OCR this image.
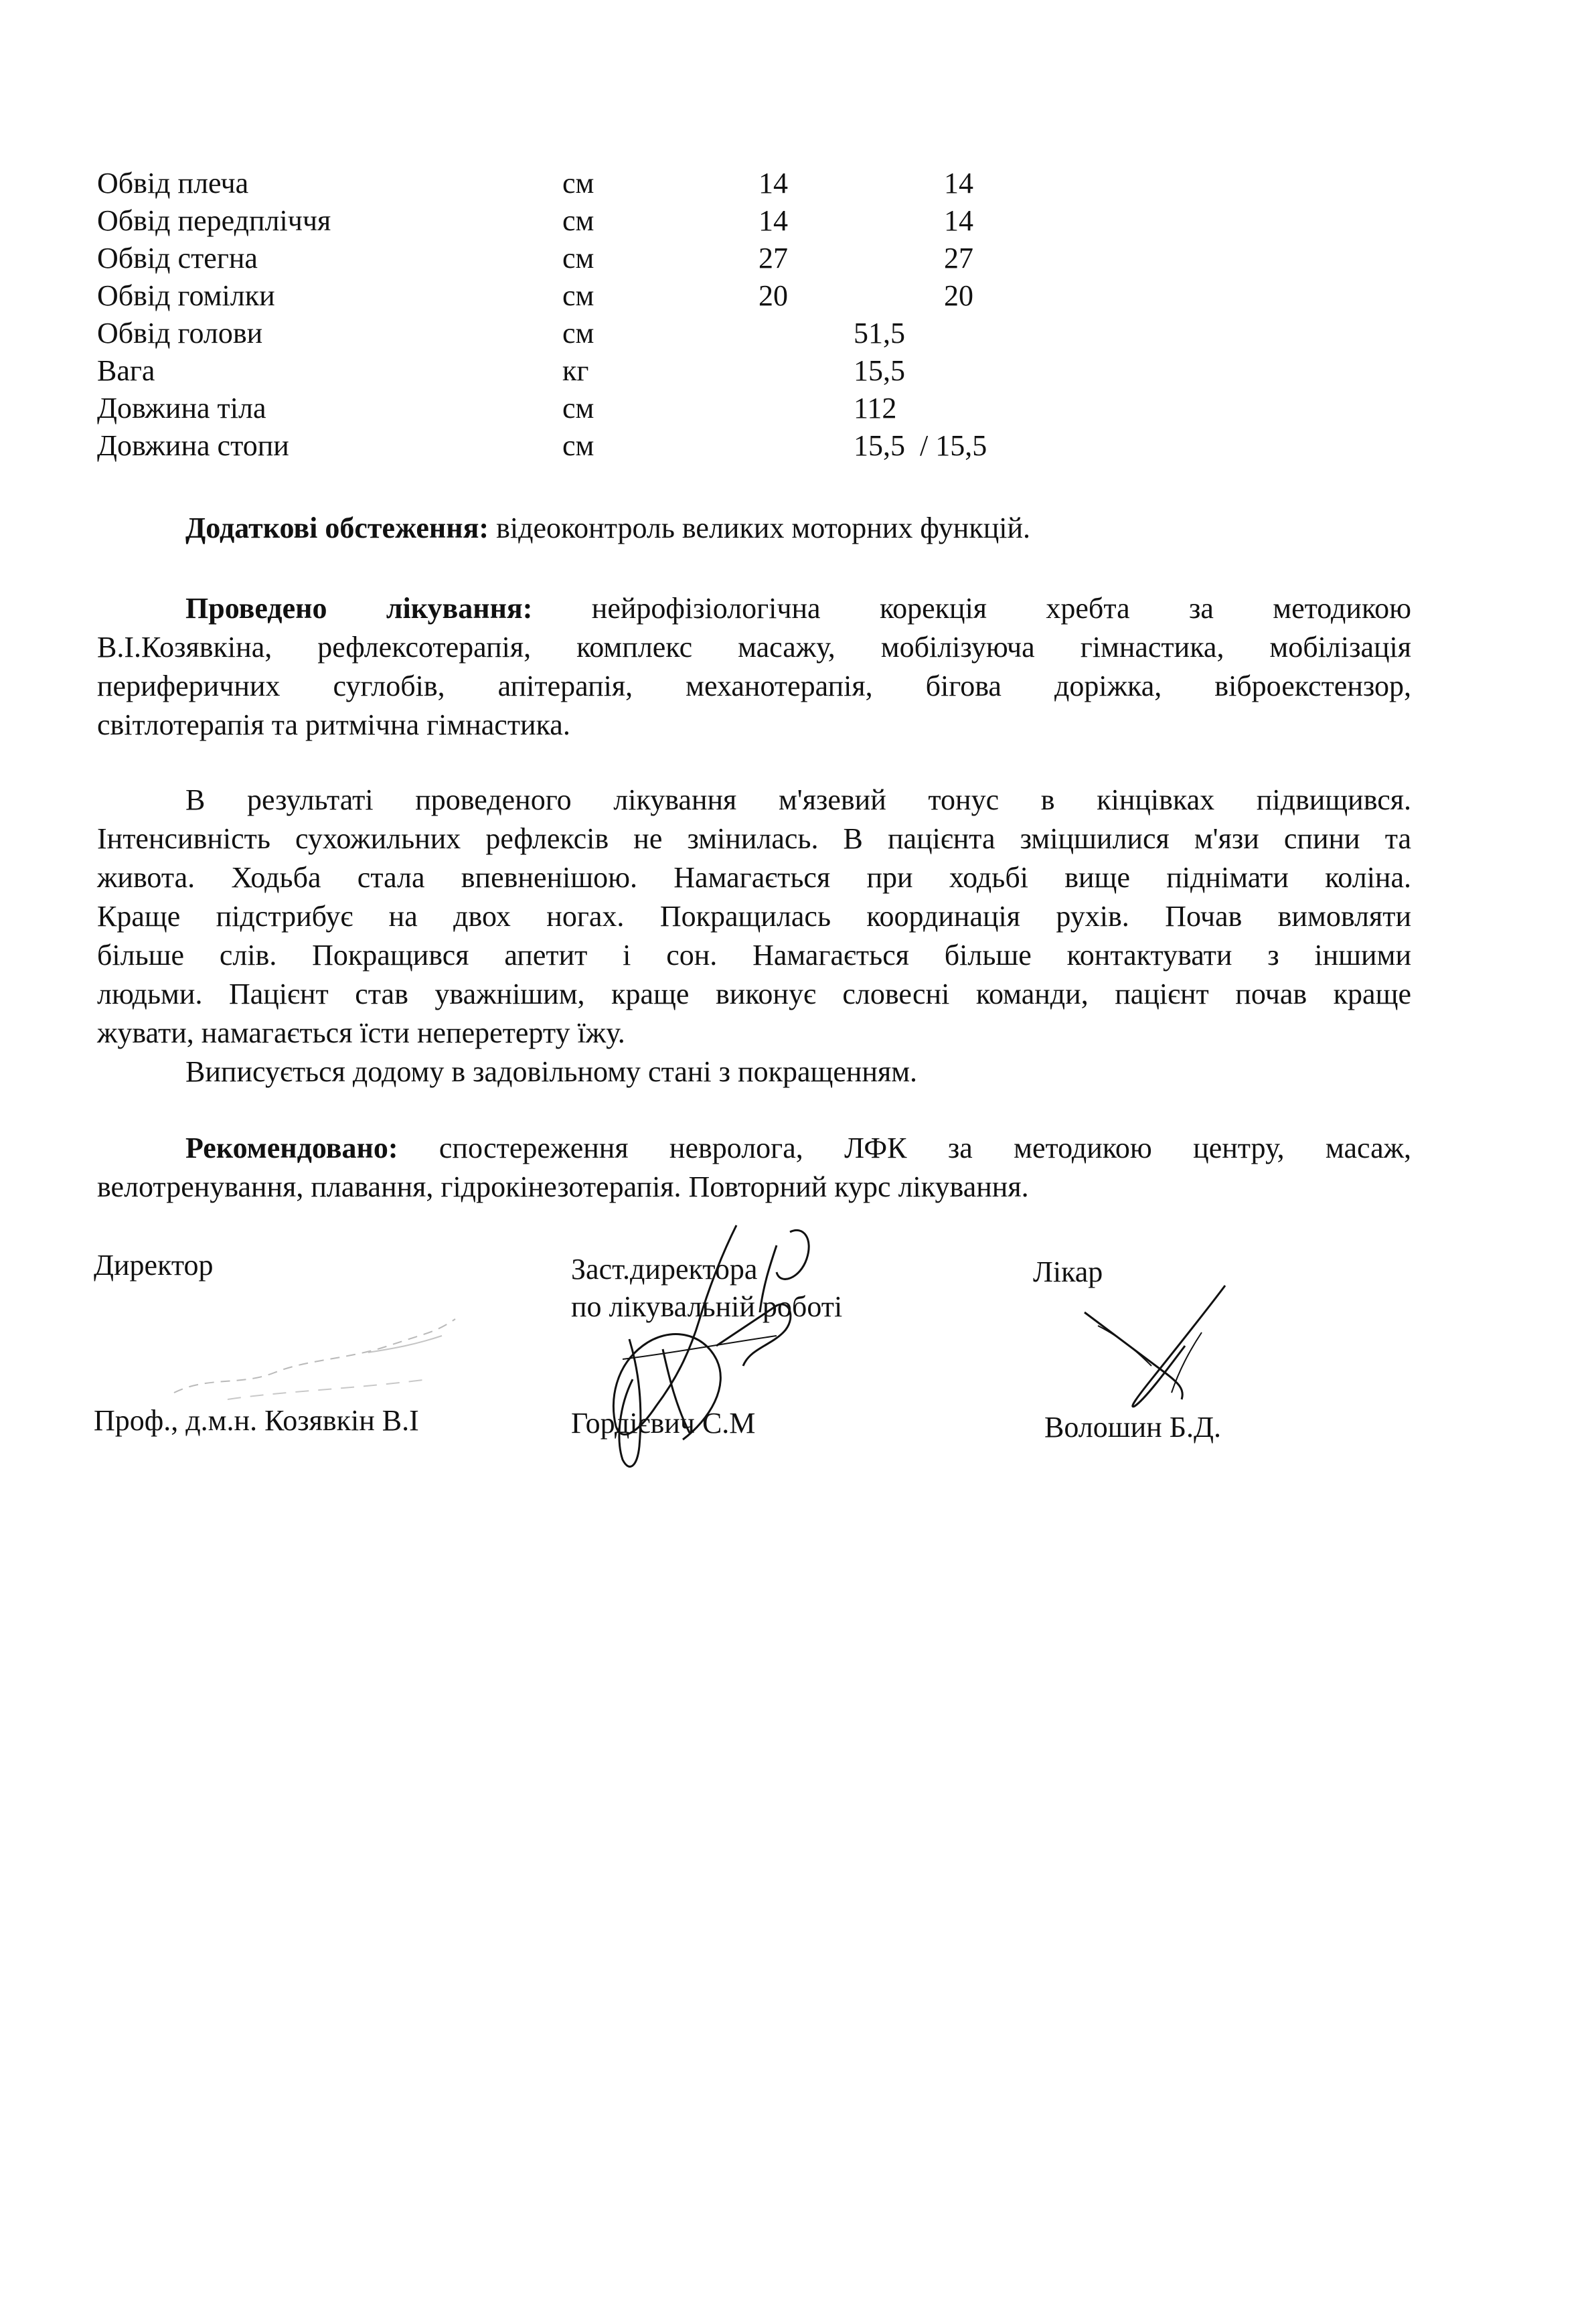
Обвід плеча	см	14	14
Обвід передпліччя	см	14	14
Обвід стегна	см	27	27
Обвід гомілки	см	20	20
Обвід голови	см	51,5
Вага	кг	15,5
Довжина тіла	см	112
Довжина стопи	см	15,5  / 15,5

Додаткові обстеження: відеоконтроль великих моторних функцій.

Проведено лікування: нейрофізіологічна корекція хребта за методикою
В.І.Козявкіна, рефлексотерапія, комплекс масажу, мобілізуюча гімнастика, мобілізація
периферичних суглобів, апітерапія, механотерапія, бігова доріжка, віброекстензор,
світлотерапія та ритмічна гімнастика.
В результаті проведеного лікування м'язевий тонус в кінцівках підвищився.
Інтенсивність сухожильних рефлексів не змінилась. В пацієнта зміцшилися м'язи спини та
живота. Ходьба стала впевненішою. Намагається при ходьбі вище піднімати коліна.
Краще підстрибує на двох ногах. Покращилась координація рухів. Почав вимовляти
більше слів. Покращився апетит і сон. Намагається більше контактувати з іншими
людьми. Пацієнт став уважнішим, краще виконує словесні команди, пацієнт почав краще
жувати, намагається їсти неперетерту їжу.
Виписується додому в задовільному стані з покращенням.
Рекомендовано: спостереження невролога, ЛФК за методикою центру, масаж,
велотренування, плавання, гідрокінезотерапія. Повторний курс лікування.
Директор
Проф., д.м.н. Козявкін В.І
Заст.директора
по лікувальній роботі
Гордієвич С.М
Лікар
Волошин Б.Д.
